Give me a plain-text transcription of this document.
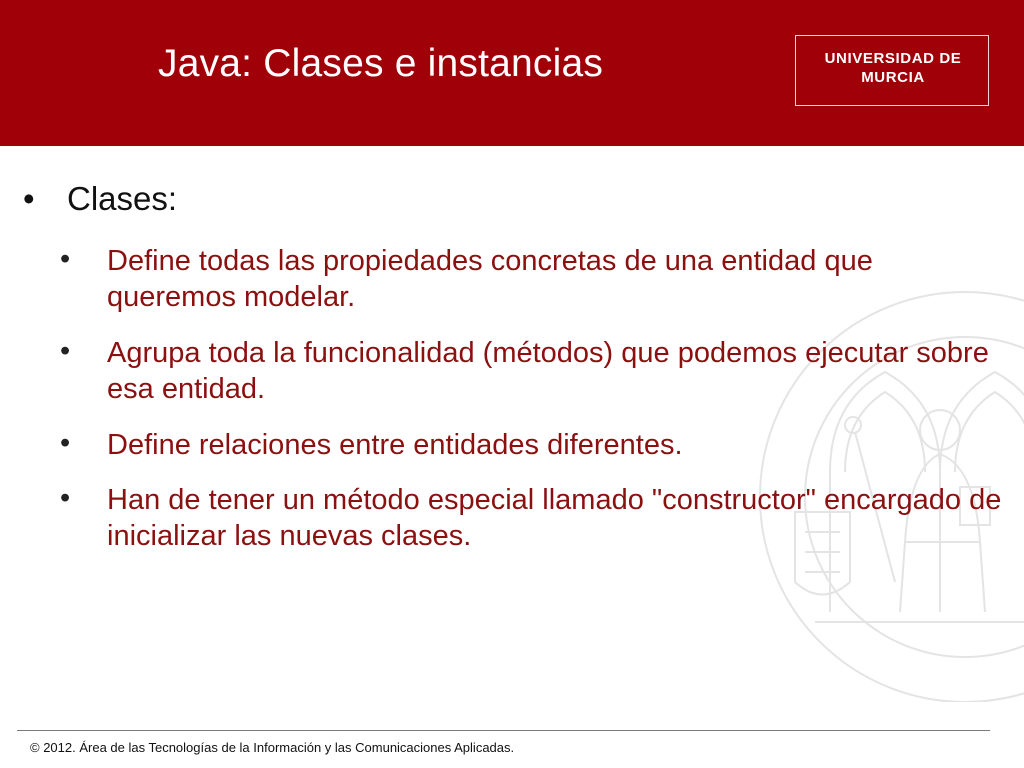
Java: Clases e instancias	UNIVERSIDAD DE
MURCIA
• Clases:
• Define todas las propiedades concretas de una entidad que queremos modelar.
• Agrupa toda la funcionalidad (métodos) que podemos ejecutar sobre esa entidad.
• Define relaciones entre entidades diferentes.
• Han de tener un método especial llamado "constructor" encargado de inicializar las nuevas clases.
© 2012. Área de las Tecnologías de la Información y las Comunicaciones Aplicadas.
